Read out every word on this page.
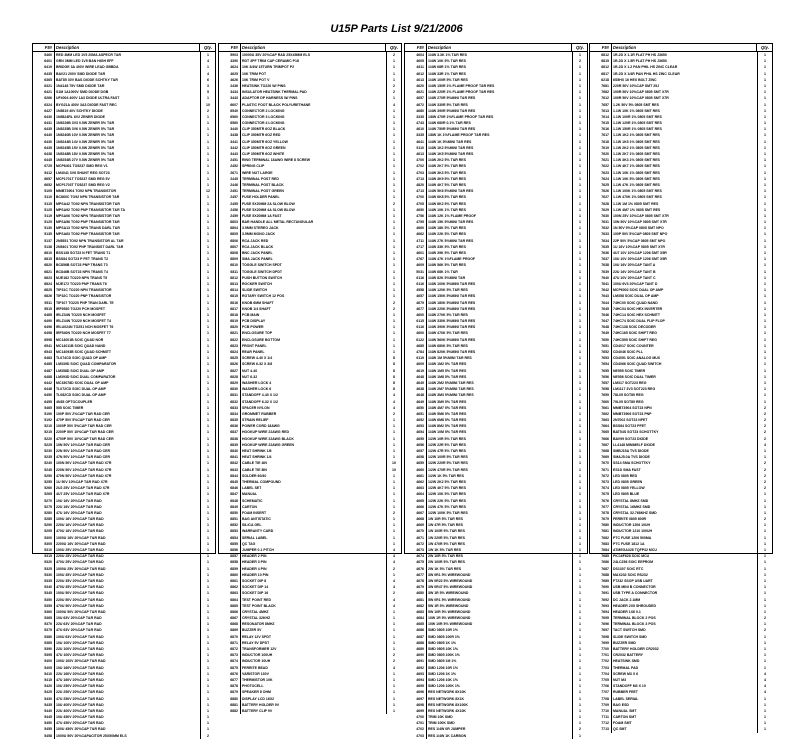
U15P Parts List 9/21/2006
F5# Description	Qty.
5460	RED 3MM LED 1V5 20MA ASPECR T&R	1
6401	GRN 3MM LED 1V5 BAN HIGH EFF	4
6419	BRIDGE 3A 400V WIRE LEAD GBBDA	1
6435	BAV21 200V SMD DIODE T&R	4
6365	BAT85 30V BAS DIODE SCHTKY T&R	6
6321	1N4148 75V SMD DIODE T&R	3
6421	S1M 1A1000V SMD DIODE DGB	5
6266	UF4004 400V 1A3 DIODE ULTRA FAST	1
6324	BYG21A 400V 3A3 DIODE FAST REC	10
6427	1N5819 40V SCHTKY DIODE	2
6430	1N5824RL 6V2 ZENER DIODE	1
6431	1N5226B 3V3 0.5W ZENER 5% T&R	1
6435	1N5235B 3V6 0.5W ZENER 5% T&R	1
6440	1N5240B 10V 0.5W ZENER 5% T&R	1
6430	1N5244B 14V 0.5W ZENER 5% T&R	1
6435	1N5245B 15V 0.5W ZENER 5% T&R	1
6438	1N5248B 18V 0.5W ZENER 5% T&R	1
6445	1N5254B 27V 0.5W ZENER 5% T&R	1
6725	MCP6401 TO5237 SMD REG V1	1
5412	LM4041 3V6 SHUNT REG SOT23	1
6657	MCP1701T TO5237 SMD REG 5V	1
6652	MCP1703T TO5237 SMD REG V2	1
5105	MMBT3904 TO92 NPN TRANSISTOR	12
5110	BC860C TO92 NPN TRANSISTOR T&R	1
5115	MPSA42 TO92 NPN TRANSISTOR T&R	1
5125	MPSA92 TO92 PNP TRANSISTOR T&R TA	1
5119	MPSA06 TO92 NPN TRANSISTOR T&R	1
5125	MPSA56 TO92 PNP TRANSISTOR T&R	1
5130	MPSA13 TO92 NPN TRANS DARL T&R	1
5135	MPSA63 TO92 PNP TRANSISTOR T&R	1
5137	2N5551 TO92 NPN TRANSISTOR AL T&R	1
5138	2N5401 TO92 PNP TRANSIST DARL T&R	1
6810	BSS138 SOT23 N FET TRANS T1	1
6815	BSS84 SOT23 P FET TRANS T2	1
6820	BC856B SOT23 PNP TRANS T3	1
6821	BC846B SOT23 NPN TRANS T4	1
6823	MJE182 TO220 NPN TRANS T5	1
6824	MJE172 TO220 PNP TRANS T6	1
6825	TIP31C TO220 NPN TRANSISTOR	1
6826	TIP32C TO220 PNP TRANSISTOR	1
5511	TIP107 TO220 PNP TRAN DARL TE	1
5515	IRF9530 TO220 PCH MOSFET	1
6485	IRLZ34N TO220 NCH MOSFET	1
6490	IRLZ44N TO220 NCH MOSFET T4	1
6496	IRLU024N TO251 NCH MOSFET T6	1
6498	IRF540N TO220 NCH MOSFET T7	1
6598	MC14001B SOIC QUAD NOR	1
6541	MC14011B SOIC QUAD NAND	1
6543	MC14093B SOIC QUAD SCHMITT	1
6483	TL074CD SOIC QUAD OP AMP	1
6485	LM339D SOIC QUAD COMPARATOR	1
6487	LM358D SOIC DUAL OP AMP	1
6488	LM393D SOIC DUAL COMPARATOR	1
6442	MC33078D SOIC DUAL OP AMP	1
6448	TL072CD SOIC DUAL OP AMP	1
6450	TL082CD SOIC DUAL OP AMP	1
6455	4N35 OPTOCOUPLER	1
5465	555 SOIC TIMER	1
5190	100P 50V 2%CAP T&R RAD CER	1
5192	470P 50V 5%CAP T&R RAD CER	1
5210	1000P 50V 5%CAP T&R RAD CER	1
5215	2200P 50V 10%CAP T&R RAD CER	1
5220	4700P 50V 10%CAP T&R RAD CER	1
5225	10N 50V 10%CAP T&R RAD CER	1
5230	22N 50V 10%CAP T&R RAD CER	1
5235	47N 50V 10%CAP T&R RAD CER	1
5240	100N 50V 10%CAP T&R RAD X7R	1
5245	220N 50V 10%CAP T&R RAD X7R	1
5250	470N 50V 10%CAP T&R RAD X7R	1
5255	1U 50V 10%CAP T&R RAD X7R	1
5260	2U2 25V 10%CAP T&R RAD X7R	1
5265	4U7 25V 10%CAP T&R RAD X7R	1
5270	10U 16V 20%CAP T&R RAD	1
5275	22U 16V 20%CAP T&R RAD	1
5280	47U 16V 20%CAP T&R RAD	1
5285	100U 16V 20%CAP T&R RAD	1
5290	220U 16V 20%CAP T&R RAD	1
5295	470U 16V 20%CAP T&R RAD	1
5300	1000U 16V 20%CAP T&R RAD	1
5305	2200U 16V 20%CAP T&R RAD	1
5310	100U 25V 20%CAP T&R RAD	1
5315	220U 25V 20%CAP T&R RAD	1
5320	470U 25V 20%CAP T&R RAD	1
5325	1000U 25V 20%CAP T&R RAD	1
5330	100U 35V 20%CAP T&R RAD	1
5335	220U 35V 20%CAP T&R RAD	1
5340	470U 35V 20%CAP T&R RAD	1
5345	100U 50V 20%CAP T&R RAD	1
5350	220U 50V 20%CAP T&R RAD	1
5355	470U 50V 20%CAP T&R RAD	1
5360	1000U 50V 20%CAP T&R RAD	1
5365	10U 63V 20%CAP T&R RAD	1
5370	22U 63V 20%CAP T&R RAD	1
5375	47U 63V 20%CAP T&R RAD	1
5380	100U 63V 20%CAP T&R RAD	1
5385	10U 100V 20%CAP T&R RAD	1
5390	22U 100V 20%CAP T&R RAD	1
5395	47U 100V 20%CAP T&R RAD	1
5400	100U 100V 20%CAP T&R RAD	1
5405	10U 160V 20%CAP T&R RAD	1
5410	22U 160V 20%CAP T&R RAD	1
5415	47U 160V 20%CAP T&R RAD	1
5420	10U 250V 20%CAP T&R RAD	1
5425	22U 250V 20%CAP T&R RAD	1
5430	47U 250V 20%CAP T&R RAD	1
5435	10U 400V 20%CAP T&R RAD	1
5440	22U 400V 20%CAP T&R RAD	1
5445	10U 450V 20%CAP T&R RAD	1
5450	47U 450V 20%CAP T&R RAD	1
5455	100U 450V 20%CAP T&R RAD	1
5458	1000U 50V 20%CAPACITOR 25X50MM ELS	2
F5# Description	Qty.
5903	10000U 35V 20%CAP RAD 25X45MM ELS	2
4390	RDT 3PF TRIM CAP CERAMIC P18	1
4624	10K 3/4W 15TURN TRIMPOT P2	1
4625	10K TRIM POT	1
4626	10K TRIM POT V	1
2436	HEATSINK TO220 W/ PINS	2
3434	INSULATOR HEATSINK THERMAL PAD	2
3443	ADAPTOR DP HARNESS W/ PINS	1
6607	PLASTIC FOOT BLACK POLYURETHANE	4
6540	CONNECTOR 2 LOCKING	1
6560	CONNECTOR 3 LOCKING	1
6560	CONNECTOR 4 LOCKING	1
3440	CLIP 350MTR 6OZ BLACK	1
3438	CLIP 350MTR 6OZ RED	1
3441	CLIP 350MTR 6OZ YELLOW	1
3442	CLIP 350MTR 6OZ GREEN	1
3443	CLIP 350MTR 6OZ WHITE	1
2451	RING TERMINAL 18AWG WIRE 8 SCREW	1
2452	SPRING CLIP	1
2671	WIRE NUT LARGE	1
2445	TERMINAL POST RED	1
2446	TERMINAL POST BLACK	1
2451	TERMINAL POST GREEN	1
2457	FUSE HOLDER PANEL	1
2455	FUSE 5X20MM 2A SLOW BLOW	2
2456	FUSE 5X20MM 4A SLOW BLOW	1
2459	FUSE 5X20MM 1A FAST	1
6803	BAR HANDLE ALL METAL RECTANGULAR	1
6804	3.5MM STEREO JACK	1
6805	3.5MM MONO JACK	1
6806	RCA JACK RED	1
6807	RCA JACK BLACK	1
6808	BNC JACK PANEL	1
6809	SMA JACK PANEL	1
6810	TOGGLE SWITCH SPDT	1
6811	TOGGLE SWITCH DPDT	1
6812	PUSH BUTTON SWITCH	1
6813	ROCKER SWITCH	1
6814	SLIDE SWITCH	1
6815	ROTARY SWITCH 12 POS	1
6816	KNOB 6MM SHAFT	2
6817	KNOB 1/4 SHAFT	2
6818	PCB MAIN	1
6819	PCB DISPLAY	1
6820	PCB POWER	1
6821	ENCLOSURE TOP	1
6822	ENCLOSURE BOTTOM	1
6823	FRONT PANEL	1
6824	REAR PANEL	1
6825	SCREW 4-40 X 1/4	8
6826	SCREW 6-32 X 3/8	8
6827	NUT 4-40	8
6828	NUT 6-32	8
6829	WASHER LOCK 4	8
6830	WASHER LOCK 6	8
6831	STANDOFF 4-40 X 1/2	4
6832	STANDOFF 6-32 X 1/2	4
6833	SPACER NYLON	4
6834	GROMMET RUBBER	2
6835	STRAIN RELIEF	1
6836	POWER CORD 18AWG	1
6837	HOOKUP WIRE 22AWG RED	1
6838	HOOKUP WIRE 22AWG BLACK	1
6839	HOOKUP WIRE 22AWG GREEN	1
6840	HEAT SHRINK 1/8	1
6841	HEAT SHRINK 1/4	1
6842	CABLE TIE 4IN	10
6843	CABLE TIE 8IN	10
6844	SOLDER 60/40	1
6845	THERMAL COMPOUND	1
6846	LABEL SET	1
6847	MANUAL	1
6848	SCHEMATIC	1
6849	CARTON	1
6850	FOAM INSERT	2
6851	BAG ANTISTATIC	1
6852	SILICA GEL	1
6853	WARRANTY CARD	1
6854	SERIAL LABEL	1
6855	QC TAG	1
6856	JUMPER 0.1 PITCH	4
6857	HEADER 2 PIN	4
6858	HEADER 3 PIN	4
6859	HEADER 4 PIN	2
6860	HEADER 10 PIN	1
6861	SOCKET DIP 8	4
6862	SOCKET DIP 14	4
6863	SOCKET DIP 16	2
6864	TEST POINT RED	4
6865	TEST POINT BLACK	4
6866	CRYSTAL 4MHZ	1
6867	CRYSTAL 32KHZ	1
6868	RESONATOR 8MHZ	1
6869	BUZZER 5V	1
6870	RELAY 12V SPDT	1
6871	RELAY 5V DPDT	1
6872	TRANSFORMER 12V	1
6873	INDUCTOR 100UH	2
6874	INDUCTOR 10UH	2
6875	FERRITE BEAD	4
6876	VARISTOR 130V	1
6877	THERMISTOR 10K	1
6878	PHOTOCELL	1
6879	SPEAKER 8 OHM	1
6880	DISPLAY LCD 16X2	1
6881	BATTERY HOLDER 9V	1
6882	BATTERY CLIP 9V	1
F5# Description	Qty.
4604	1/4W 3.3K 1% T&R RES	1
4605	1/4W 10K 5% T&R RES	2
4611	1/4W 68R 1% T&R RES	1
4612	1/4W 33R 1% T&R RES	1
4613	1/4W 100R 5% T&R RES	1
4620	1/4W 150R 1% FLAME PROOF T&R RES	1
4621	1/4W 220R 1% FLAME PROOF T&R RES	1
4657	1/4W 270R 5%MINI T&R RES	1
4672	1/4W 330R 5% T&R RES	1
4680	1/4W 390R 5%MINI T&R RES	1
3335	1/8W 470R 1%FLAME PROOF T&R RES	1
4743	1/4W 680R 0.1% T&R RES	1
4610	1/4W 750R 5%MINI T&R RES	1
3335	1/8W 1K 1%FLAME PROOF T&R RES	1
4641	1/4W 1K 5%MINI T&R RES	1
5110	1/4W 1K2 5%MINI T&R RES	1
4613	1/4W 1K5 5%MINI T&R RES	1
4700	1/4W 2K2 5% T&R RES	1
4702	1/4W 2K7 5% T&R RES	1
4703	1/4W 3K3 5% T&R RES	1
4713	1/4W 3K9 5% T&R RES	1
4820	1/4W 4K7 5% T&R RES	1
4713	1/4W 5K6 5%MINI T&R RES	1
4700	1/4W 6K8 5% T&R RES	1
4705	1/4W 8K2 5% T&R RES	1
4650	1/4W 10K 1% T&R RES	1
4756	1/4W 12K 1% FLAME PROOF	1
4755	1/4W 15K 5%MINI T&R RES	1
4660	1/4W 18K 5% T&R RES	1
4662	1/4W 22K 5% T&R RES	1
4711	1/4W 27K 5%MINI T&R RES	1
4717	1/4W 33K 5% T&R RES	1
4601	1/4W 39K 5% T&R RES	1
4767	1/4W 47K 1%FLAME PROOF	1
4609	1/4W 56K 5% T&R RES	1
5031	1/4W 68K 1% T&R	1
6116	1/4W 82K 5%MINI T&R	1
6116	1/4W 100K 5%MINI T&R RES	1
4558	1/4W 120K 5% T&R RES	1
4657	1/4W 150K 5%MINI T&R RES	1
4679	1/4W 180K 5%MINI T&R RES	1
4677	1/4W 220K 5%MINI T&R RES	1
4600	1/4W 270K 5% T&R RES	1
6115	1/4W 330K 5%MINI T&R RES	1
6116	1/4W 390K 5%MINI T&R RES	1
4600	1/4W 470K 5% T&R RES	1
6122	1/4W 560K 5%MINI T&R RES	1
4685	1/4W 680K 5% T&R RES	1
4784	1/4W 820K 5%MINI T&R RES	1
6119	1/4W 1M 5%MINI T&R RES	1
4609	1/4W 1M2 5% T&R RES	1
4619	1/4W 1M5 5% T&R RES	1
4648	1/4W 1M8 5% T&R RES	1
4649	1/4W 2M2 5%MINI T&R RES	1
4638	1/4W 2M7 5%MINI T&R RES	1
4648	1/4W 3M3 5%MINI T&R RES	1
4649	1/4W 3M9 5% T&R RES	1
4650	1/4W 4M7 5% T&R RES	1
4651	1/4W 5M6 5% T&R RES	1
4652	1/4W 6M8 5% T&R RES	1
4653	1/4W 8M2 5% T&R RES	1
4654	1/4W 10M 5% T&R RES	1
4655	1/2W 10R 5% T&R RES	1
4656	1/2W 22R 5% T&R RES	1
4657	1/2W 47R 5% T&R RES	1
4658	1/2W 100R 5% T&R RES	1
4659	1/2W 220R 5% T&R RES	1
4660	1/2W 470R 5% T&R RES	1
4661	1/2W 1K 5% T&R RES	1
4662	1/2W 2K2 5% T&R RES	1
4663	1/2W 4K7 5% T&R RES	1
4664	1/2W 10K 5% T&R RES	1
4665	1/2W 22K 5% T&R RES	1
4666	1/2W 47K 5% T&R RES	1
4667	1/2W 100K 5% T&R RES	1
4668	1W 10R 5% T&R RES	1
4669	1W 47R 5% T&R RES	1
4670	1W 100R 5% T&R RES	1
4671	1W 220R 5% T&R RES	1
4672	1W 470R 5% T&R RES	1
4673	1W 1K 5% T&R RES	1
4674	2W 10R 5% T&R RES	1
4675	2W 100R 5% T&R RES	1
4676	2W 1K 5% T&R RES	1
4677	3W 0R1 5% WIREWOUND	1
4678	3W 0R22 5% WIREWOUND	1
4679	3W 0R47 5% WIREWOUND	1
4680	3W 1R 5% WIREWOUND	1
4681	5W 0R1 5% WIREWOUND	1
4682	5W 1R 5% WIREWOUND	1
4683	5W 10R 5% WIREWOUND	1
4684	10W 1R 5% WIREWOUND	1
4685	10W 10R 5% WIREWOUND	1
4686	SMD 0805 10R 1%	1
4687	SMD 0805 100R 1%	1
4688	SMD 0805 1K 1%	1
4689	SMD 0805 10K 1%	1
4690	SMD 0805 100K 1%	1
4691	SMD 0805 1M 1%	1
4692	SMD 1206 10R 1%	1
4693	SMD 1206 1K 1%	1
4694	SMD 1206 10K 1%	1
4695	SMD 1206 100K 1%	1
4696	RES NETWORK 8X10K	1
4697	RES NETWORK 8X1K	1
4698	RES NETWORK 8X100K	1
4699	RES NETWORK 4X10K	1
4700	TRIM 10K SMD	1
4701	TRIM 100K SMD	1
4702	RES 1/4W 0R JUMPER	2
4703	RES 1/4W 1K CARBON	1
F5# Description	Qty.
6812	1R-2D X 1.1R FLAT PH HS J3650	1
6815	1R-2D X 1.5R FLAT PH HS J3650	1
6812	1R-2D X 1.2 PAN PHIL HS ZINC CLEAR	1
6817	1R-2D X 1/4R PAN PHIL HS ZINC CLEAR	1
6218	6S5HX 16 HEX BOLT ZINC	1
7681	220R 50V 10%CAP SMT 25J	1
7682	100R 50V 10%CAP 0805 SMT X7R	1
7612	100R 50V 10%CAP 0805 SMT X7R	1
7657	1.2K 50V 5% 0805 SMT RES	1
7613	1.1W 10K 1% 0805 SMT RES	1
7614	1.1W 100R 1% 0805 SMT RES	1
7615	1.1W 120R 1% 0805 SMT RES	1
7616	1.1W 150R 1% 0805 SMT RES	1
7617	1.1W 1K2 1% 0805 SMT RES	1
7618	1.1W 1K5 1% 0805 SMT RES	1
7619	1.1W 2K2 1% 0805 SMT RES	1
7620	1.1W 2K7 1% 0805 SMT RES	1
7621	1.1W 3K3 1% 0805 SMT RES	1
7622	1.1W 4K7 1% 0805 SMT RES	1
7623	1.1W 10K 1% 0805 SMT RES	1
7624	1.1W 10K 5% 0805 SMT RES	1
7625	1.1W 47K 1% 0805 SMT RES	1
7626	1.1W 100K 1% 0805 SMT RES	1
7627	1.1W 470K 1% 0805 SMT RES	1
7628	1.1W 1M 1% 0805 SMT RES	1
7629	1.1W 4M7 1% 0805 SMT RES	1
7630	100N 25V 10%CAP 0805 SMT X7R	1
7631	10N 50V 10%CAP 0805 SMT X7R	1
7632	1N 50V 5%CAP 0805 SMT NPO	1
7633	100P 50V 5%CAP 0805 SMT NPO	1
7634	22P 50V 5%CAP 0805 SMT NPO	1
7635	1U 16V 10%CAP 0805 SMT X7R	1
7636	4U7 10V 10%CAP 1206 SMT X5R	1
7637	10U 10V 20%CAP 1206 SMT X5R	1
7638	10U 16V 20%CAP TANT A	1
7639	22U 16V 20%CAP TANT B	1
7640	47U 10V 20%CAP TANT C	1
7641	100U 6V3 20%CAP TANT D	1
7642	MCP6002 SOIC DUAL OP AMP	1
7643	LM358 SOIC DUAL OP AMP	1
7644	74HC00 SOIC QUAD NAND	1
7645	74HC04 SOIC HEX INVERTER	1
7646	74HC14 SOIC HEX SCHMITT	1
7647	74HC74 SOIC DUAL FLIP FLOP	1
7648	74HC138 SOIC DECODER	1
7649	74HC165 SOIC SHIFT REG	1
7650	74HC595 SOIC SHIFT REG	1
7651	CD4017 SOIC COUNTER	1
7652	CD4046 SOIC PLL	1
7653	CD4051 SOIC ANALOG MUX	1
7654	CD4066 SOIC QUAD SWITCH	1
7655	NE555 SOIC TIMER	1
7656	NE556 SOIC DUAL TIMER	1
7657	LM317 SOT223 REG	1
7658	LM1117 3V3 SOT223 REG	1
7659	78L05 SOT89 REG	1
7660	79L05 SOT89 REG	1
7661	MMBT3904 SOT23 NPN	2
7662	MMBT3906 SOT23 PNP	2
7663	2N7002 SOT23 NFET	2
7664	BSS84 SOT23 PFET	2
7665	BAT54S SOT23 SCHOTTKY	2
7666	BAV99 SOT23 DIODE	2
7667	LL4148 MINIMELF DIODE	4
7668	SMBJ15A TVS DIODE	1
7669	SMAJ5.0A TVS DIODE	1
7670	SS14 SMA SCHOTTKY	2
7671	ES1D SMA FAST	2
7672	LED 0805 RED	2
7673	LED 0805 GREEN	2
7674	LED 0805 YELLOW	2
7675	LED 0805 BLUE	1
7676	CRYSTAL 8MHZ SMD	1
7677	CRYSTAL 16MHZ SMD	1
7678	CRYSTAL 32.768KHZ SMD	1
7679	FERRITE 0805 600R	2
7680	INDUCTOR 1206 10UH	1
7681	INDUCTOR 1210 100UH	1
7682	PTC FUSE 1206 500MA	1
7683	PTC FUSE 1812 1A	1
7684	ATMEGA328 TQFP32 MCU	1
7685	PIC16F628 SOIC MCU	1
7686	24LC256 SOIC EEPROM	1
7687	DS1307 SOIC RTC	1
7688	MAX232 SOIC RS232	1
7689	FT232 SSOP USB UART	1
7690	USB MINI B CONNECTOR	1
7691	USB TYPE A CONNECTOR	1
7692	DC JACK 2.1MM	1
7693	HEADER 2X5 SHROUDED	1
7694	HEADER 1X6 0.1	1
7695	TERMINAL BLOCK 2 POS	2
7696	TERMINAL BLOCK 3 POS	1
7697	TACT SWITCH SMD	2
7698	SLIDE SWITCH SMD	1
7699	BUZZER SMD	1
7700	BATTERY HOLDER CR2032	1
7701	CR2032 BATTERY	1
7702	HEATSINK SMD	1
7703	THERMAL PAD	1
7704	SCREW M3 X 6	4
7705	NUT M3	4
7706	STANDOFF M3 X 10	4
7707	RUBBER FEET	4
7708	LABEL SERIAL	1
7709	BAG ESD	1
7710	MANUAL SMT	1
7711	CARTON SMT	1
7712	FOAM SMT	1
7713	QC SMT	1
